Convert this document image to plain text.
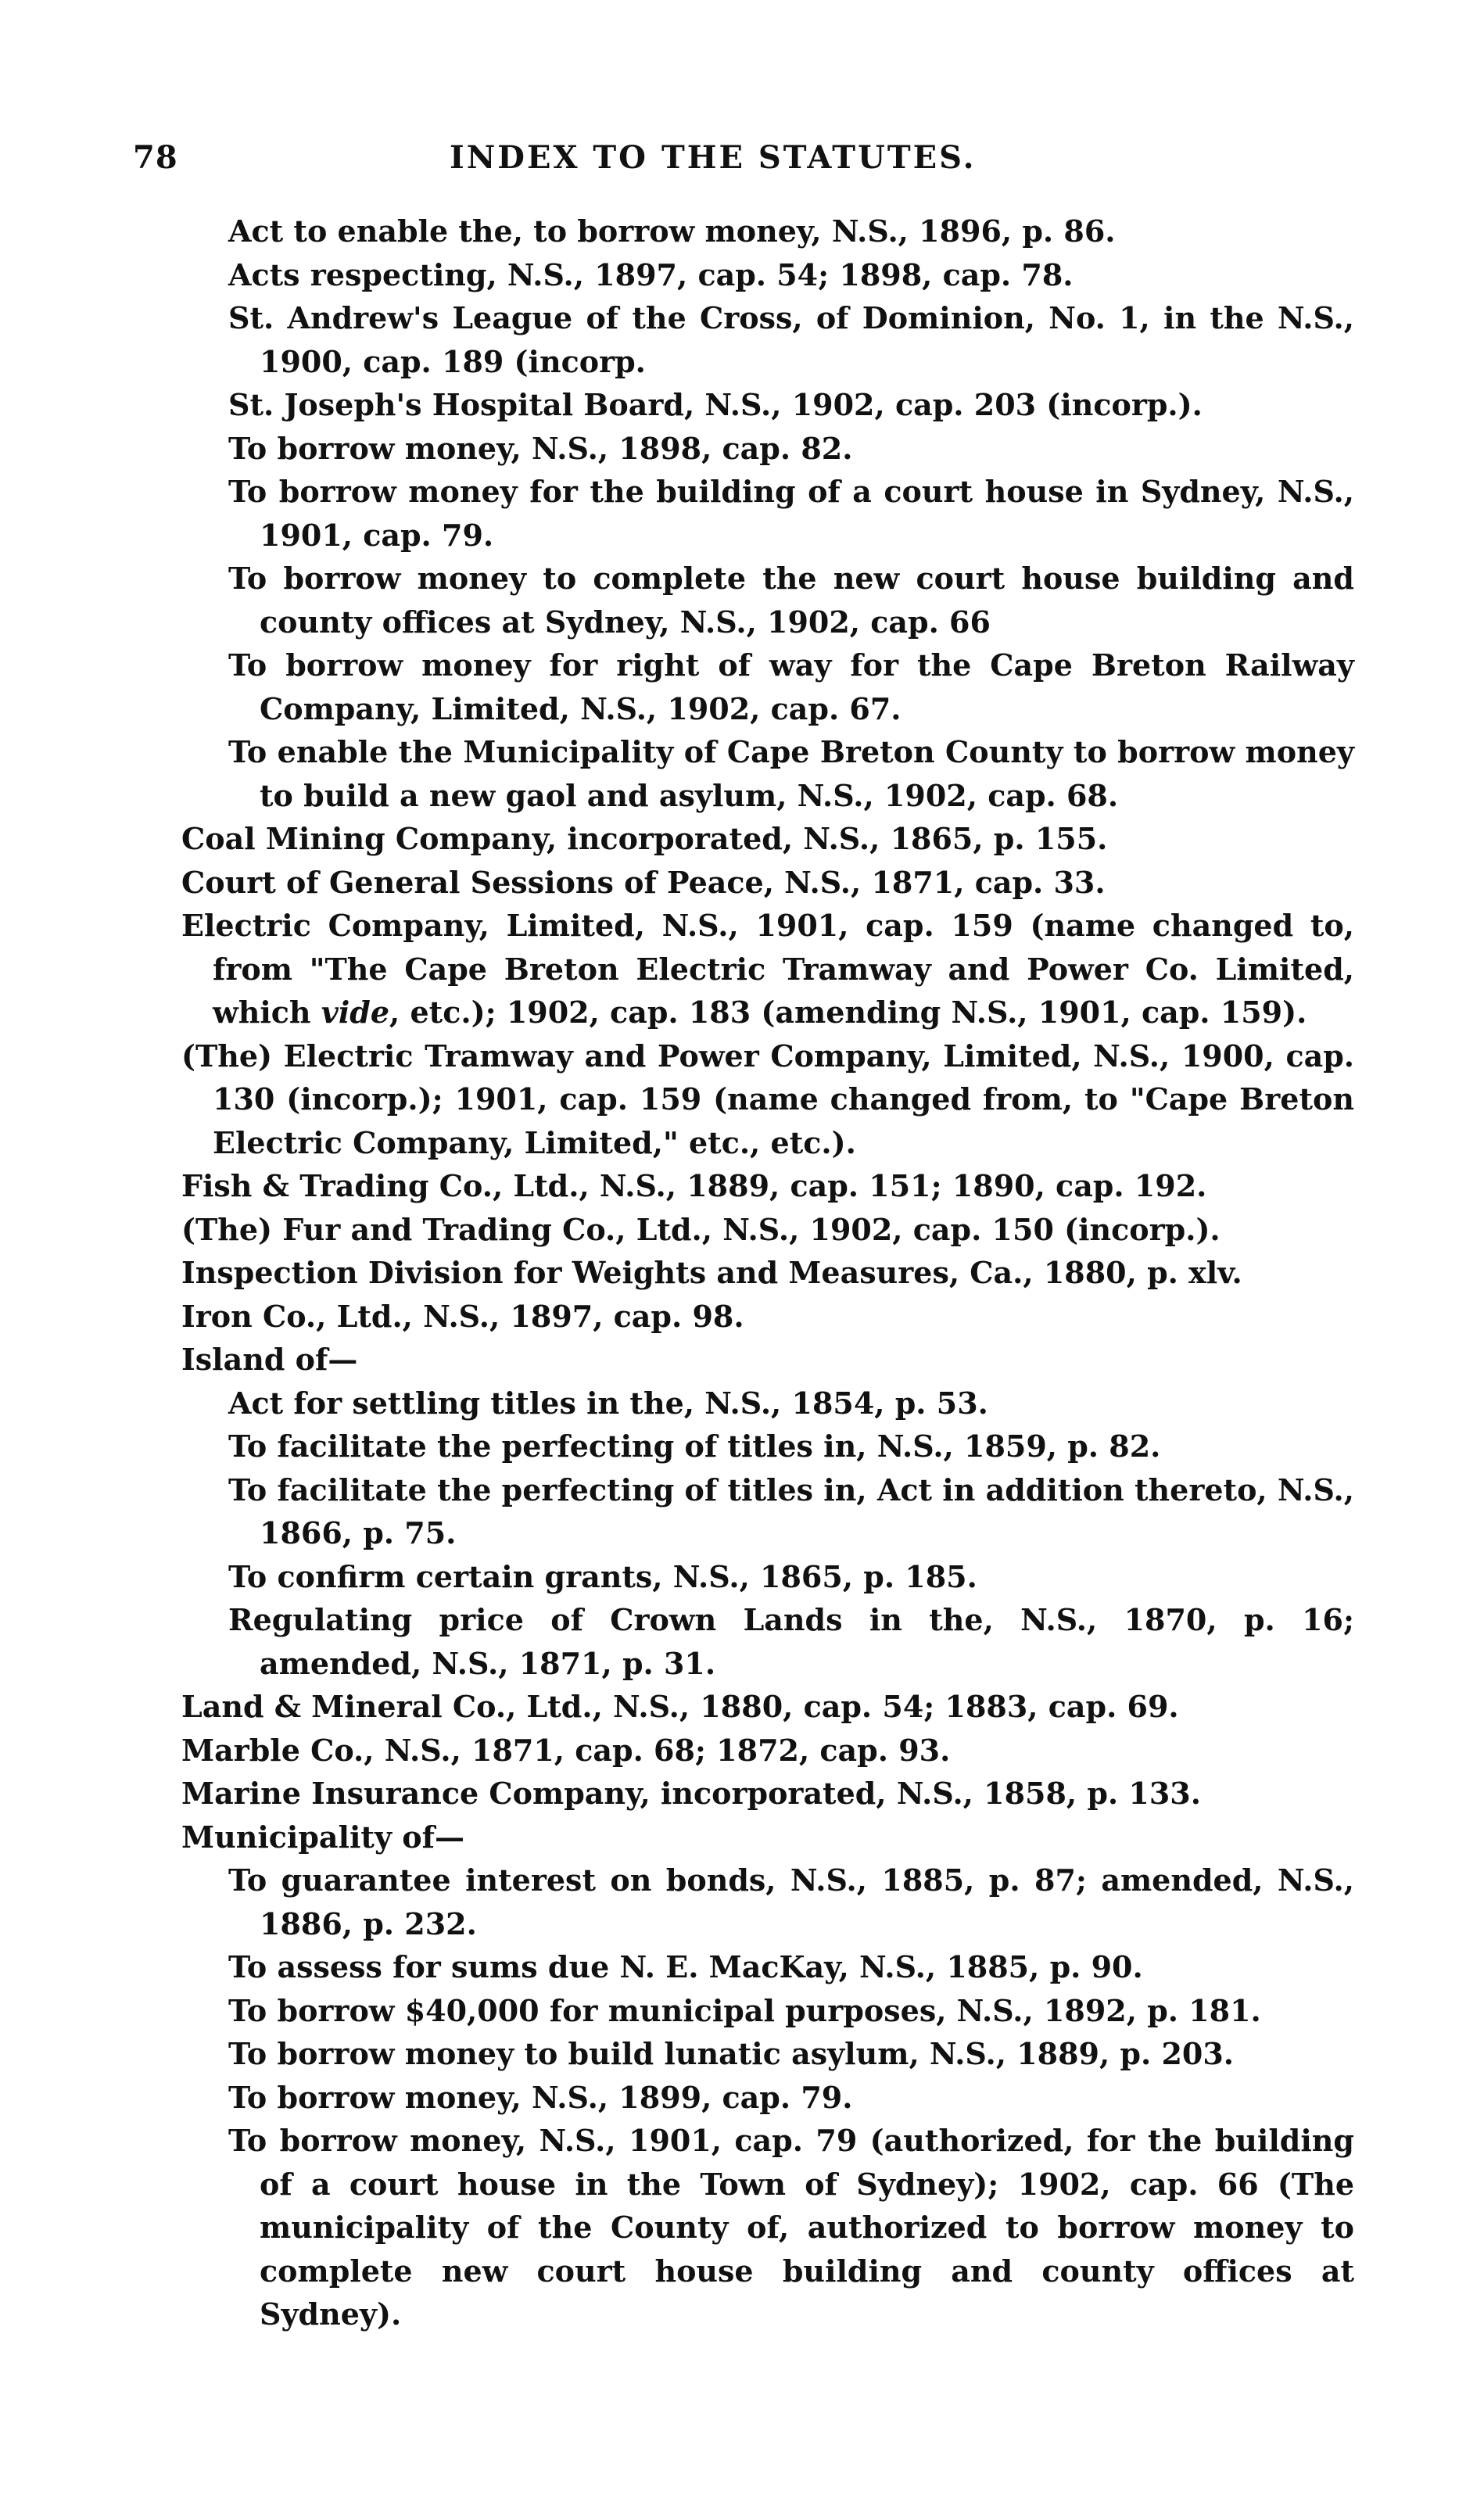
78	INDEX TO THE STATUTES.
Act to enable the, to borrow money, N.S., 1896, p. 86.
Acts respecting, N.S., 1897, cap. 54; 1898, cap. 78.
St. Andrew's League of the Cross, of Dominion, No. 1, in the N.S., 1900, cap. 189 (incorp.
St. Joseph's Hospital Board, N.S., 1902, cap. 203 (incorp.).
To borrow money, N.S., 1898, cap. 82.
To borrow money for the building of a court house in Sydney, N.S., 1901, cap. 79.
To borrow money to complete the new court house building and county offices at Sydney, N.S., 1902, cap. 66
To borrow money for right of way for the Cape Breton Railway Company, Limited, N.S., 1902, cap. 67.
To enable the Municipality of Cape Breton County to borrow money to build a new gaol and asylum, N.S., 1902, cap. 68.
Coal Mining Company, incorporated, N.S., 1865, p. 155.
Court of General Sessions of Peace, N.S., 1871, cap. 33.
Electric Company, Limited, N.S., 1901, cap. 159 (name changed to, from "The Cape Breton Electric Tramway and Power Co. Limited, which vide, etc.); 1902, cap. 183 (amending N.S., 1901, cap. 159).
(The) Electric Tramway and Power Company, Limited, N.S., 1900, cap. 130 (incorp.); 1901, cap. 159 (name changed from, to "Cape Breton Electric Company, Limited," etc., etc.).
Fish & Trading Co., Ltd., N.S., 1889, cap. 151; 1890, cap. 192.
(The) Fur and Trading Co., Ltd., N.S., 1902, cap. 150 (incorp.).
Inspection Division for Weights and Measures, Ca., 1880, p. xlv.
Iron Co., Ltd., N.S., 1897, cap. 98.
Island of—
Act for settling titles in the, N.S., 1854, p. 53.
To facilitate the perfecting of titles in, N.S., 1859, p. 82.
To facilitate the perfecting of titles in, Act in addition thereto, N.S., 1866, p. 75.
To confirm certain grants, N.S., 1865, p. 185.
Regulating price of Crown Lands in the, N.S., 1870, p. 16; amended, N.S., 1871, p. 31.
Land & Mineral Co., Ltd., N.S., 1880, cap. 54; 1883, cap. 69.
Marble Co., N.S., 1871, cap. 68; 1872, cap. 93.
Marine Insurance Company, incorporated, N.S., 1858, p. 133.
Municipality of—
To guarantee interest on bonds, N.S., 1885, p. 87; amended, N.S., 1886, p. 232.
To assess for sums due N. E. MacKay, N.S., 1885, p. 90.
To borrow $40,000 for municipal purposes, N.S., 1892, p. 181.
To borrow money to build lunatic asylum, N.S., 1889, p. 203.
To borrow money, N.S., 1899, cap. 79.
To borrow money, N.S., 1901, cap. 79 (authorized, for the building of a court house in the Town of Sydney); 1902, cap. 66 (The municipality of the County of, authorized to borrow money to complete new court house building and county offices at Sydney).
